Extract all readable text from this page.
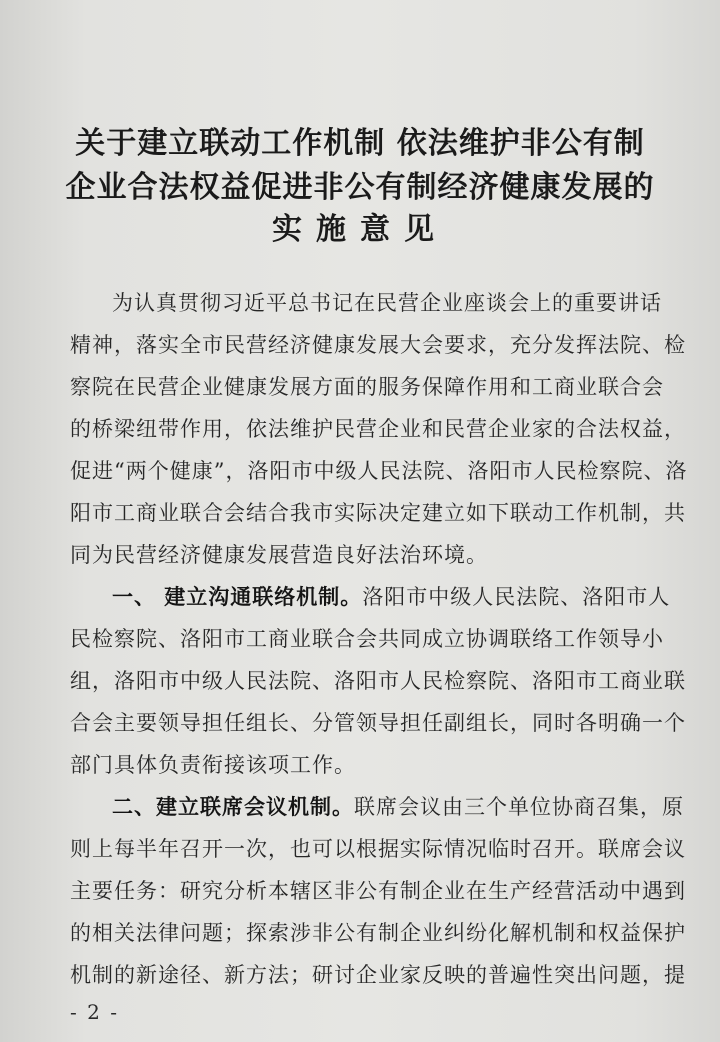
关于建立联动工作机制 依法维护非公有制
企业合法权益促进非公有制经济健康发展的
实施意见
为认真贯彻习近平总书记在民营企业座谈会上的重要讲话
精神，落实全市民营经济健康发展大会要求，充分发挥法院、检
察院在民营企业健康发展方面的服务保障作用和工商业联合会
的桥梁纽带作用，依法维护民营企业和民营企业家的合法权益，
促进“两个健康”，洛阳市中级人民法院、洛阳市人民检察院、洛
阳市工商业联合会结合我市实际决定建立如下联动工作机制，共
同为民营经济健康发展营造良好法治环境。
一、 建立沟通联络机制。洛阳市中级人民法院、洛阳市人
民检察院、洛阳市工商业联合会共同成立协调联络工作领导小
组，洛阳市中级人民法院、洛阳市人民检察院、洛阳市工商业联
合会主要领导担任组长、分管领导担任副组长，同时各明确一个
部门具体负责衔接该项工作。
二、建立联席会议机制。联席会议由三个单位协商召集，原
则上每半年召开一次，也可以根据实际情况临时召开。联席会议
主要任务：研究分析本辖区非公有制企业在生产经营活动中遇到
的相关法律问题；探索涉非公有制企业纠纷化解机制和权益保护
机制的新途径、新方法；研讨企业家反映的普遍性突出问题，提
- 2 -
